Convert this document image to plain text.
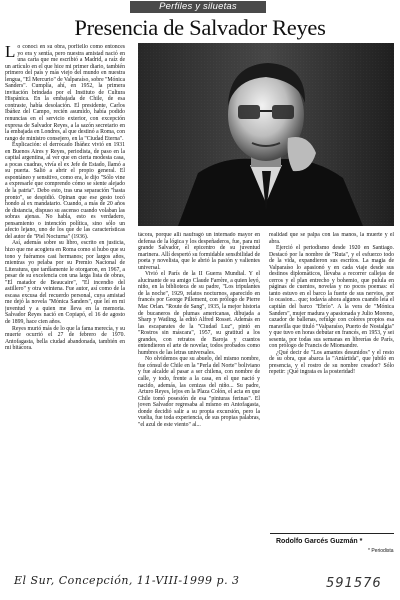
Perfiles y siluetas
Presencia de Salvador Reyes

Lo conocí en su obra, porfiello como entonces yo era y sentía, pero nuestra amistad nació en una carta que me escribió a Madrid, a raíz de un artículo en el que hice mi primer diario, también primero del país y más viejo del mundo en nuestra lengua, "El Mercurio" de Valparaíso, sobre "Mónica Sanders". Cumplía, ahí, en 1952, la primera invitación brindada por el Instituto de Cultura Hispánica. En la embajada de Chile, de esa contraste, había desolación. El presidente, Carlos Ibáñez del Campo, recién asumido, había podido renuncias en el servicio exterior, con excepción expresa de Salvador Reyes, a la sazón secretario en la embajada en Londres, al que destinó a Roma, con rango de ministro consejero, en la "Ciudad Eterna".

Explicación: el derrocado Ibáñez vivió en 1931 en Buenos Aires y Reyes, periodista, de paso en la capital argentina, al ver que en cierta modesta casa, a pocas cuadras, vivía el ex Jefe de Estado, llamó a su puerta. Salió a abrir el propio general. El espontáneo y sensitivo, como era, le dijo "Sólo vine a expresarle que comprendo cómo se siente alejado de la patria". Debo esto, tras una separación "hasta pronto", se despidió. Opinan que ese gesto tocó hondo al ex mandatario. Cuando, a más de 20 años de distancia, dispuso su ascenso cuando volaban las sobras ajenas. No habla, esto es verdadero, pensamiento o intención política, sino sólo un afecto lejano, uno de los que de las características del autor de "Piel Nocturna" (1936).

Así, además sobre su libro, escrito en justicia, hizo que me acogiera en Roma como si hubo que su tono y fuéramos casi hermanos; por largos años, mientras yo pelaba por su Premio Nacional de Literatura, que tardíamente le otorgaron, en 1967, a pesar de su excelencia con una larga lista de obras, "El matador de Beaucaire", "El incendio del astillero" y otra veintena. Fue autor, así como de la escasa excusa del recuerdo personal, cuya amistad me dejó la novela "Mónica Sanders", que leí en mi juventud y a quien me lleva en la memoria. Salvador Reyes nació en Copiapó, el 16 de agosto de 1899, hace cien años.

Reyes murió más de lo que la fama merecía, y su muerte ocurrió el 27 de febrero de 1970. Antofagasta, bella ciudad abandonada, también en mi bitácora.

tácora, porque allí naufragó un internado mayor en defensa de la lógica y los despeñaderos, fue, para mi grande Salvador, el epicentro de su juventud marinera. Allí despertó su formidable sensibilidad de poeta y novelista, que le abrió la pasión y valientes universal.

Vivió el París de la II Guerra Mundial. Y el alucinante de su amigo Claude Farrère, a quien leyó, niño, en la biblioteca de su padre, "Los tripulantes de la noche", 1929, relatos nocturnos, aparecido en francés por George Pillement, con prólogo de Pierre Mac Orlan. "Route de Sang", 1935, la mejor historia de bucaneros de plumas americanas, dibujada a Sharp y Watling, la editó Alfred Rosset. Además en las escaparates de la "Ciudad Luz", pintó en "Rostros sin máscara", 1957, su gratitud a los grandes, con retratos de Baroja y cuantos entendieron el arte de novelar, todos probados como humbres de las letras universales.

No olvidemos que su abuelo, del mismo nombre, fue cónsul de Chile en la "Perla del Norte" boliviano y fue alcalde al pasar a ser chilena, con nombre de calle, y todo, frente a la casa, en el que nació y nacido, además, las cenizas del niño... Su padre, Arturo Reyes, lejos en la Plaza Colón, el acta en que Chile tomó posesión de esa "pinturas ferinas". El joven Salvador regresaba al mismo en Antofagasta, donde decidió salir a su propia excursión, pero la vuelta, fue toda experiencia, de sus propias palabras, "el azul de este viento" al...

realidad que se palpa con las manos, la muerte y el abra.

Ejerció el periodismo desde 1920 en Santiago. Destacó por la nombre de "Ruta", y el esfuerzo todo de la vida, expandieron sus escritos. La magia de Valparaíso lo apasionó y en cada viaje desde sus destinos diplomáticos, llevaba a recorrer callejas de cerros y el plan entrecho y bohemio, que pulula en páginas de cuentos, novelas y no pocos poemas: el tanto estuvo en el barco la fuerte de sus nervios, por lo ocasion... que; todavía ahora algunos cuando leía el capitán del barco "Ebrío". A la vera de "Mónica Sanders", mujer madura y apasionada y Julio Moreno, cazador de ballenas, refulge con colores propios esa maravilla que tituló "Valparaíso, Puerto de Nostalgia" y que tuvo en horas debutar en francés, en 1953, y sei sesenta, por todas sus semanas en librerías de París, con prólogo de Francis de Miomandre.

¿Qué decir de "Los amantes desunidos" y el resto de su obra, que abarca la "Antártida", que jubiló en presencia, y el rostro de su nombre creador? Sólo repetir: ¡Qué ingrata es la posteridad!

Rodolfo Garcés Guzmán *
* Periodista
El Sur, Concepción, 11-VIII-1999 p. 3	591576
